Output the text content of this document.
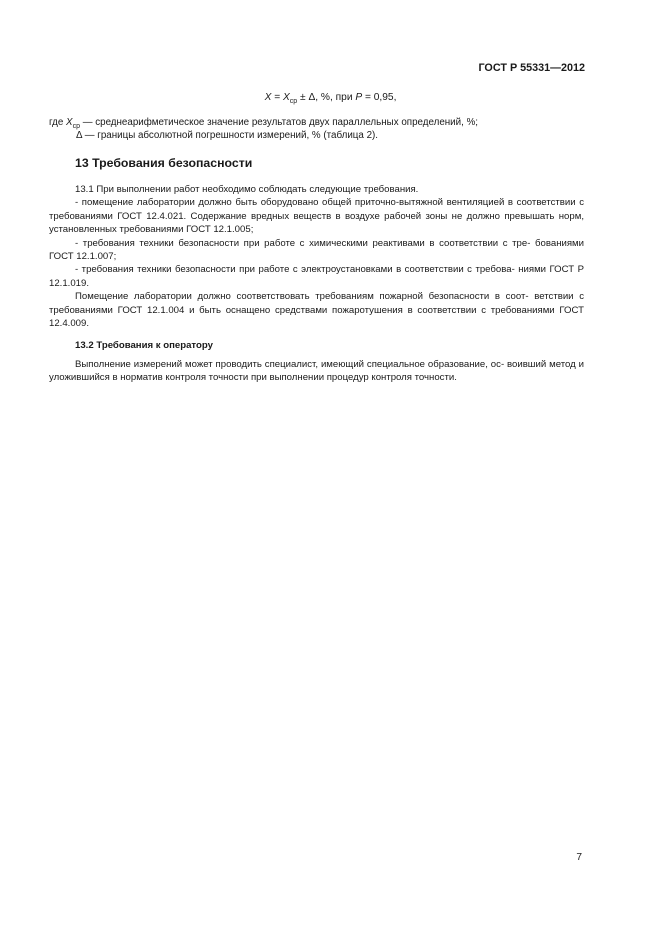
ГОСТ Р 55331—2012
$X = X_{ср} \pm \Delta$, %, при P = 0,95,
где $X_{ср}$ — среднеарифметическое значение результатов двух параллельных определений, %;
Δ — границы абсолютной погрешности измерений, % (таблица 2).
13 Требования безопасности

13.1 При выполнении работ необходимо соблюдать следующие требования.

- помещение лаборатории должно быть оборудовано общей приточно-вытяжной вентиляцией в соответствии с требованиями ГОСТ 12.4.021. Содержание вредных веществ в воздухе рабочей зоны не должно превышать норм, установленных требованиями ГОСТ 12.1.005;

- требования техники безопасности при работе с химическими реактивами в соответствии с тре- бованиями ГОСТ 12.1.007;

- требования техники безопасности при работе с электроустановками в соответствии с требова- ниями ГОСТ Р 12.1.019.

Помещение лаборатории должно соответствовать требованиям пожарной безопасности в соот- ветствии с требованиями ГОСТ 12.1.004 и быть оснащено средствами пожаротушения в соответствии с требованиями ГОСТ 12.4.009.

13.2 Требования к оператору

Выполнение измерений может проводить специалист, имеющий специальное образование, ос- воивший метод и уложившийся в норматив контроля точности при выполнении процедур контроля точности.

7
